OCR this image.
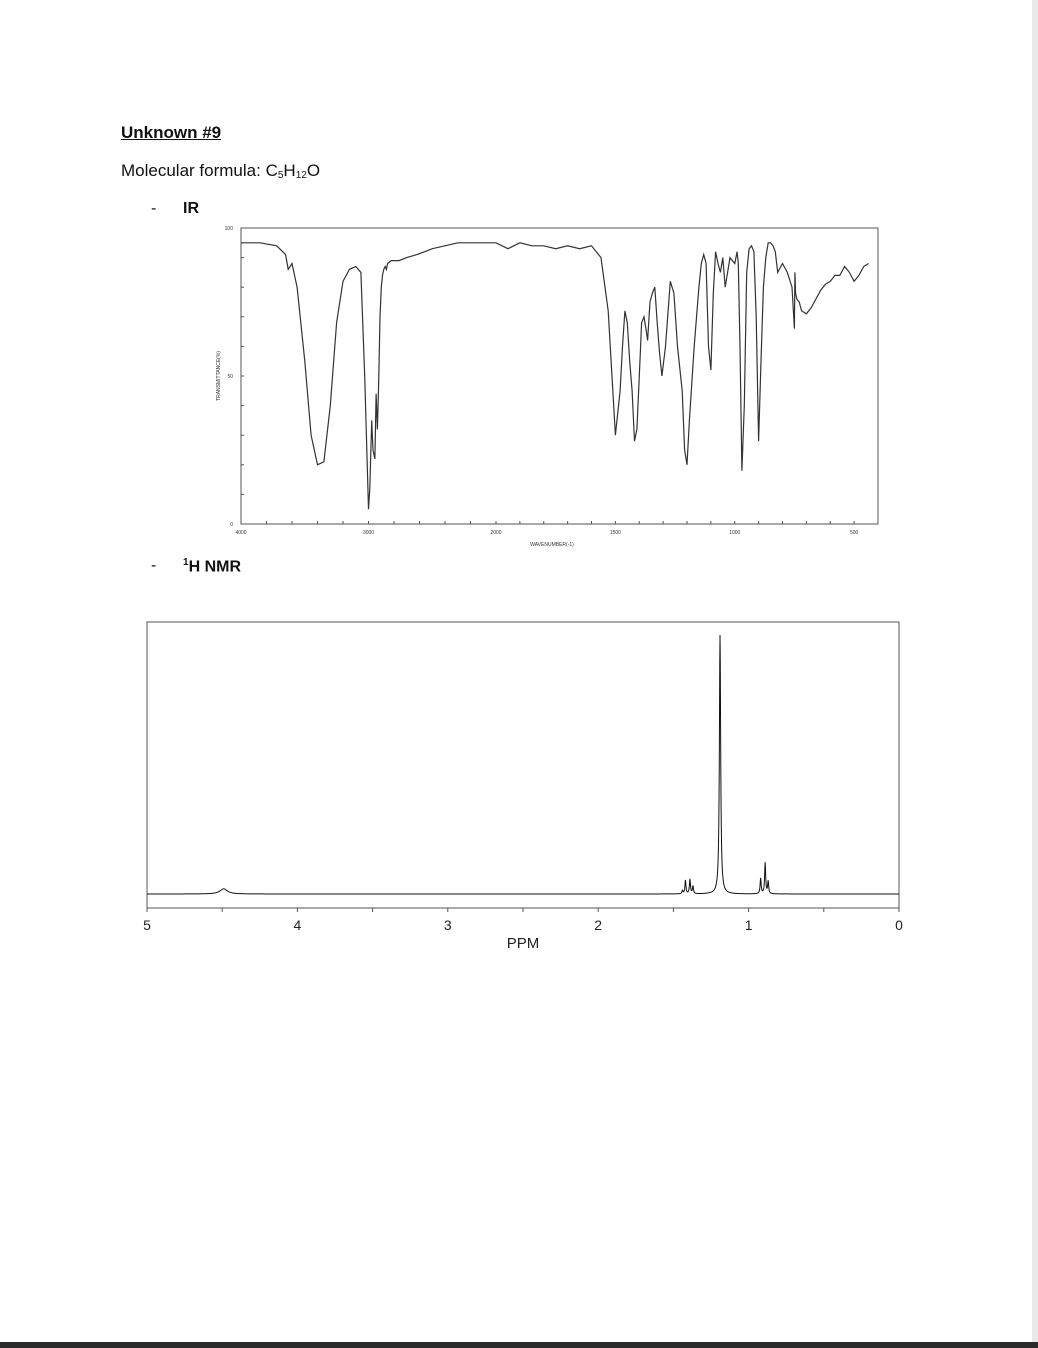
Unknown #9
Molecular formula: $C_5H_{12}O$
- IR
4000	3000	2000	1500	1000	500
100
50
0
WAVENUMBER(-1)
TRANSMITTANCE(%)
-	$^1$H NMR
5	4	3	2	1	0
PPM
